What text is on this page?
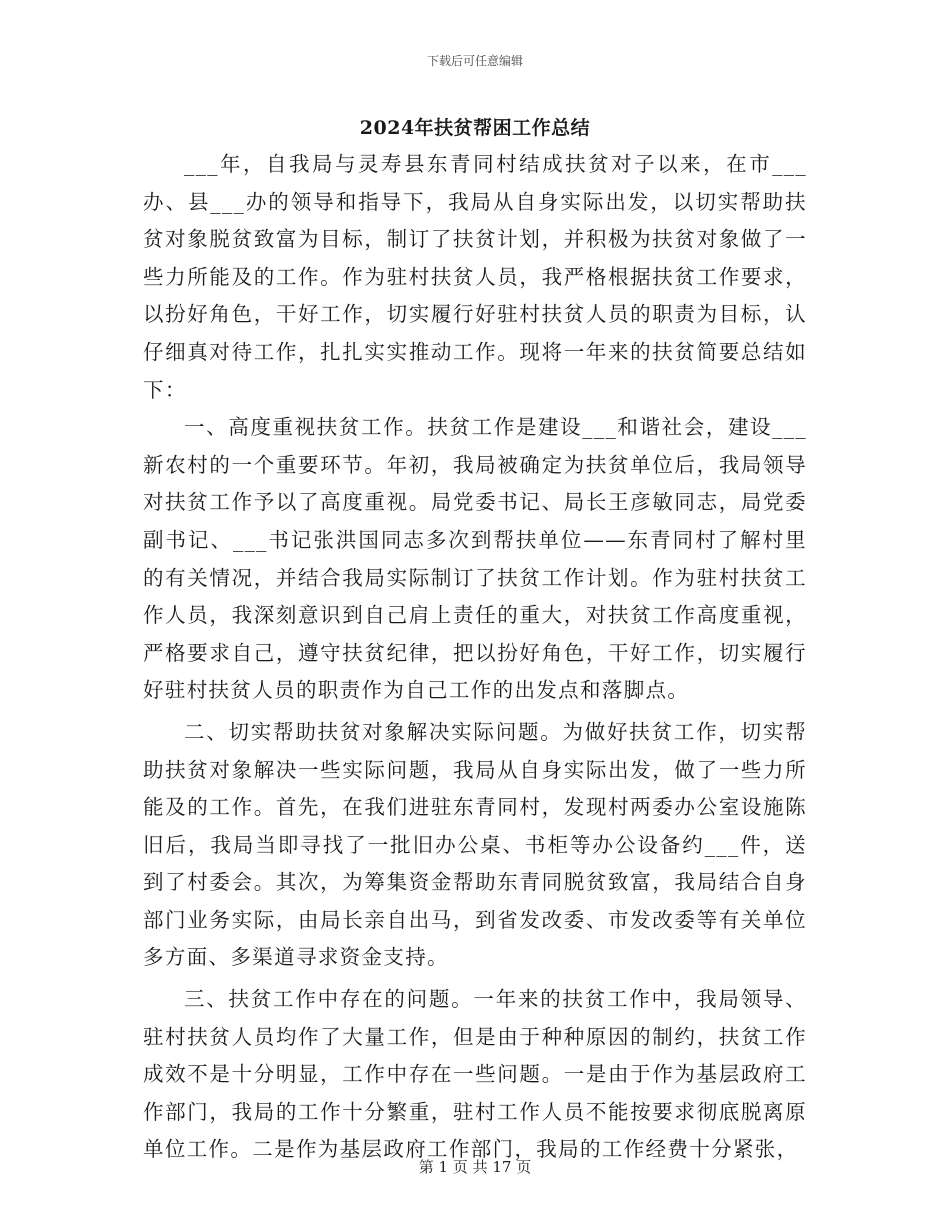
下载后可任意编辑
2024年扶贫帮困工作总结

___年，自我局与灵寿县东青同村结成扶贫对子以来，在市___办、县___办的领导和指导下，我局从自身实际出发，以切实帮助扶贫对象脱贫致富为目标，制订了扶贫计划，并积极为扶贫对象做了一些力所能及的工作。作为驻村扶贫人员，我严格根据扶贫工作要求，以扮好角色，干好工作，切实履行好驻村扶贫人员的职责为目标，认仔细真对待工作，扎扎实实推动工作。现将一年来的扶贫简要总结如下：

一、高度重视扶贫工作。扶贫工作是建设___和谐社会，建设___新农村的一个重要环节。年初，我局被确定为扶贫单位后，我局领导对扶贫工作予以了高度重视。局党委书记、局长王彦敏同志，局党委副书记、___书记张洪国同志多次到帮扶单位——东青同村了解村里的有关情况，并结合我局实际制订了扶贫工作计划。作为驻村扶贫工作人员，我深刻意识到自己肩上责任的重大，对扶贫工作高度重视，严格要求自己，遵守扶贫纪律，把以扮好角色，干好工作，切实履行好驻村扶贫人员的职责作为自己工作的出发点和落脚点。

二、切实帮助扶贫对象解决实际问题。为做好扶贫工作，切实帮助扶贫对象解决一些实际问题，我局从自身实际出发，做了一些力所能及的工作。首先，在我们进驻东青同村，发现村两委办公室设施陈旧后，我局当即寻找了一批旧办公桌、书柜等办公设备约___件，送到了村委会。其次，为筹集资金帮助东青同脱贫致富，我局结合自身部门业务实际，由局长亲自出马，到省发改委、市发改委等有关单位多方面、多渠道寻求资金支持。

三、扶贫工作中存在的问题。一年来的扶贫工作中，我局领导、驻村扶贫人员均作了大量工作，但是由于种种原因的制约，扶贫工作成效不是十分明显，工作中存在一些问题。一是由于作为基层政府工作部门，我局的工作十分繁重，驻村工作人员不能按要求彻底脱离原单位工作。二是作为基层政府工作部门，我局的工作经费十分紧张，

第 1 页 共 17 页
